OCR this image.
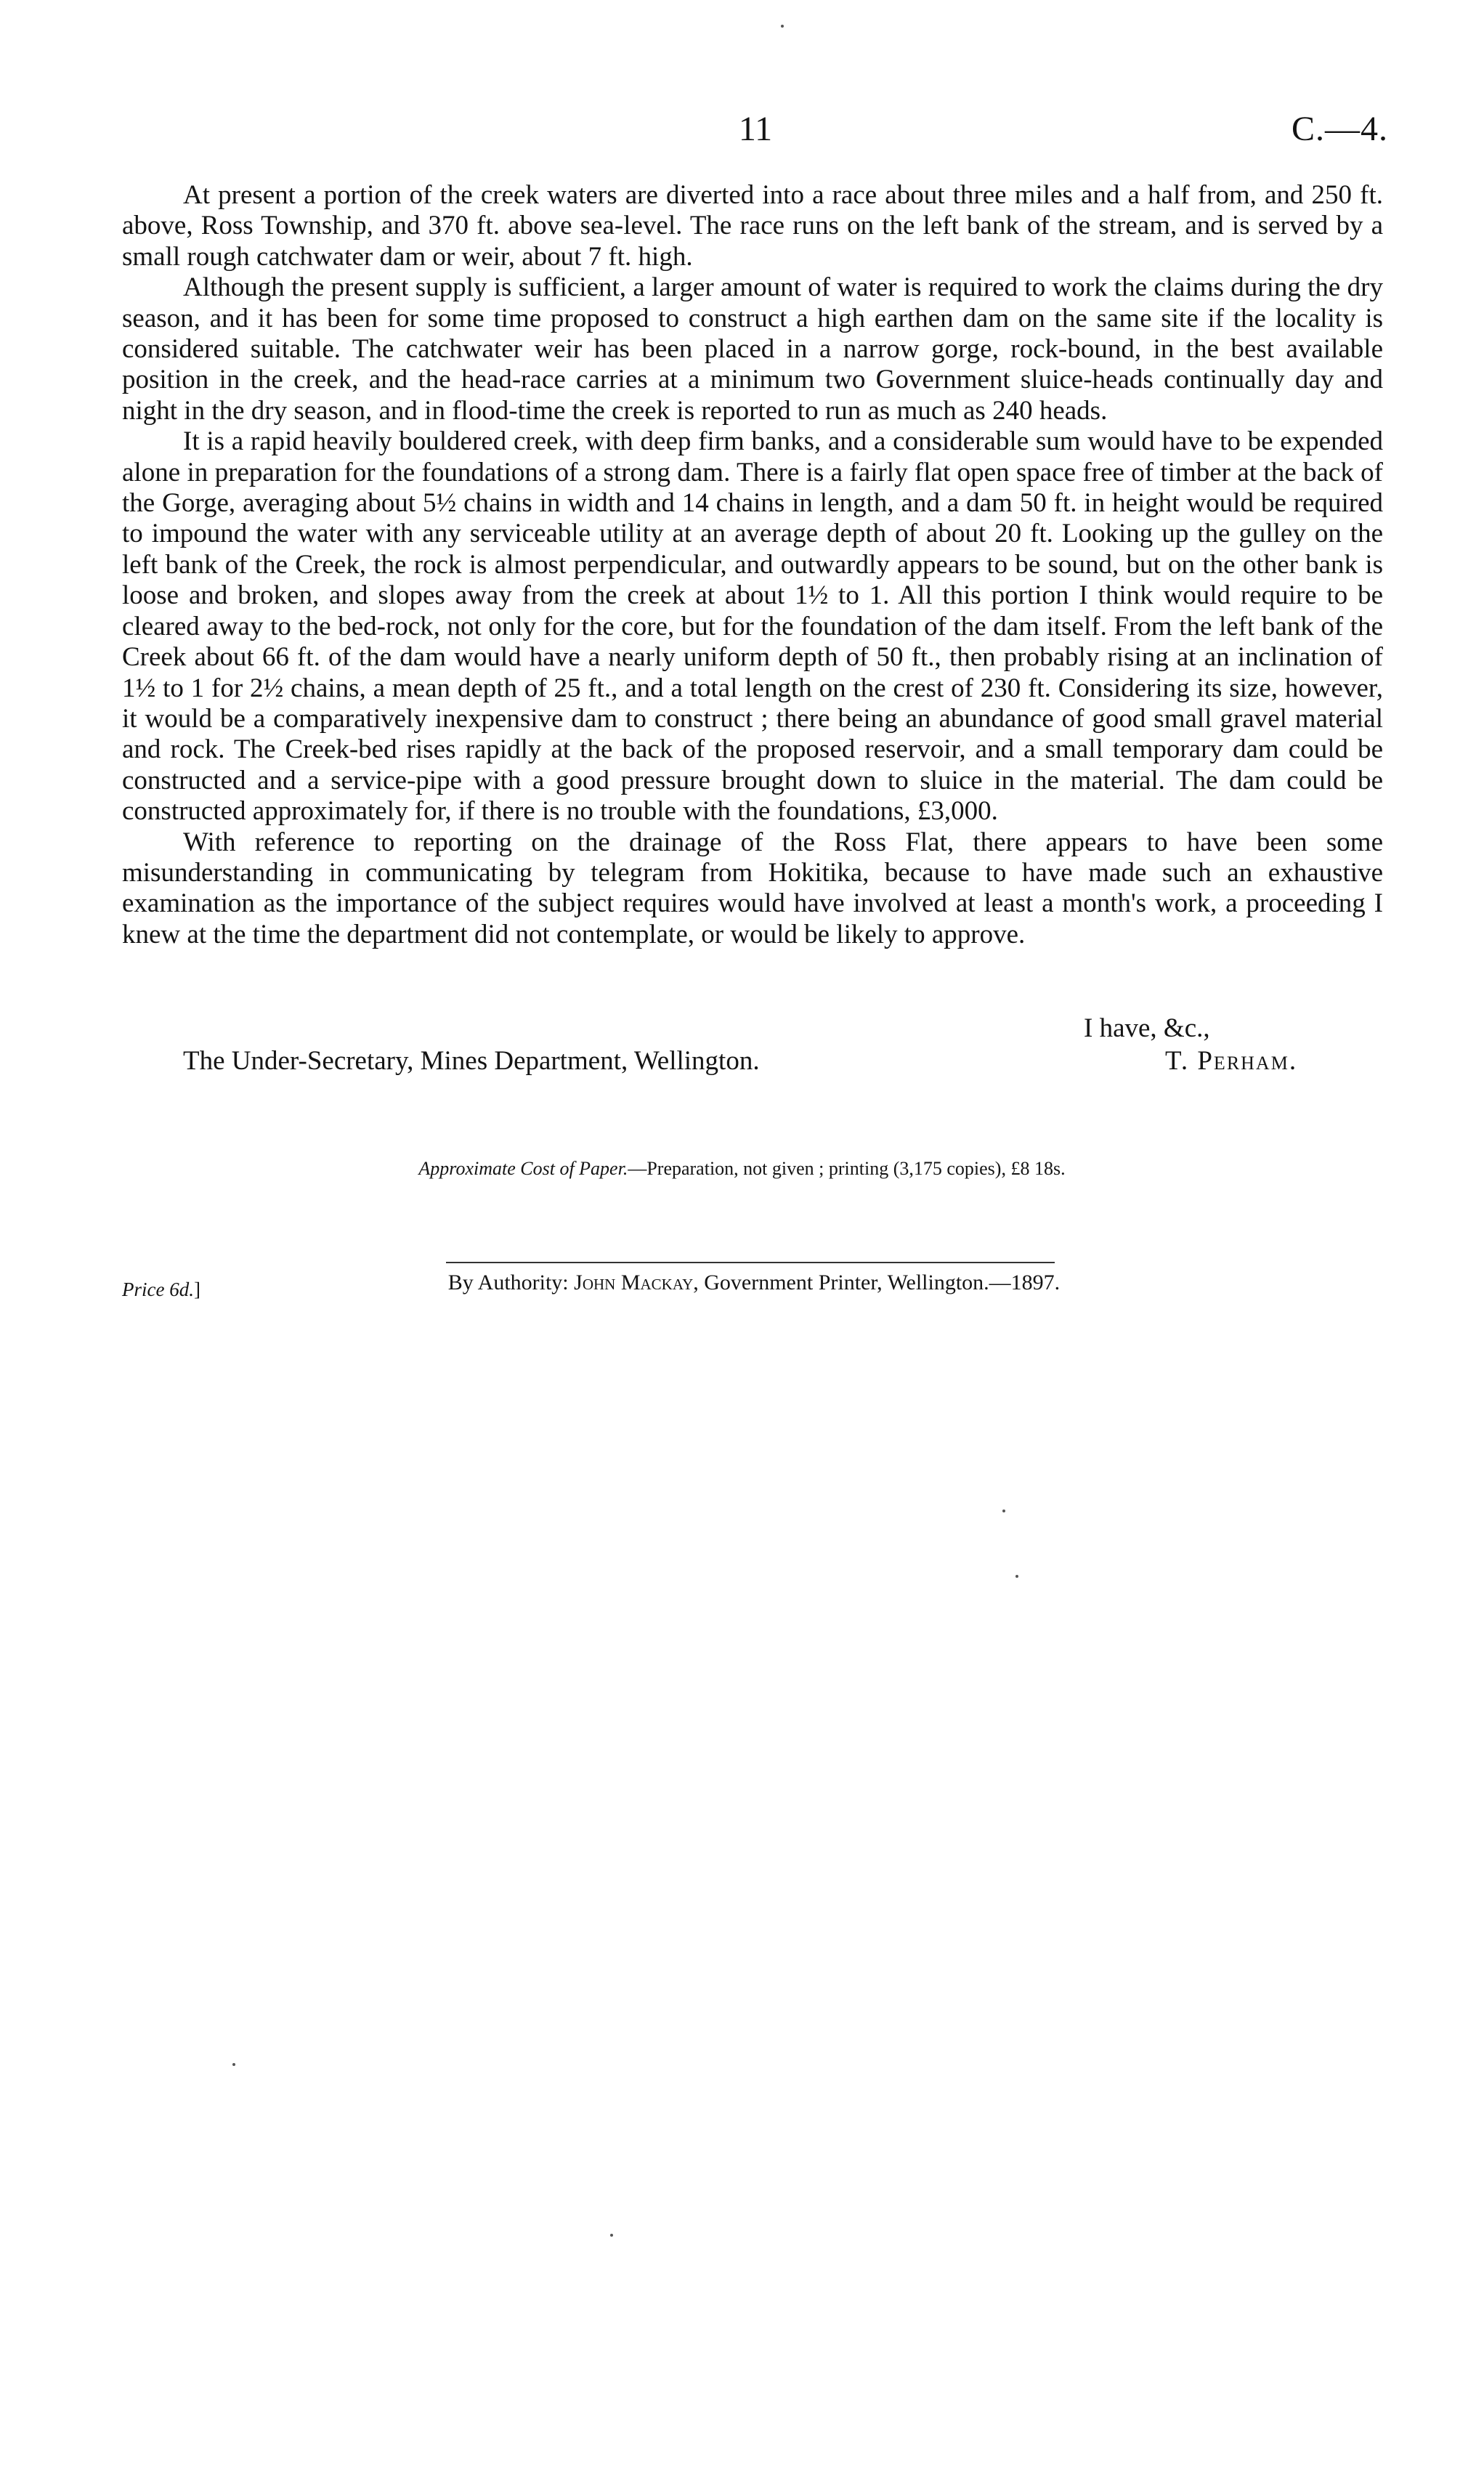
11	C.—4.

At present a portion of the creek waters are diverted into a race about three miles and a half from, and 250 ft. above, Ross Township, and 370 ft. above sea-level. The race runs on the left bank of the stream, and is served by a small rough catchwater dam or weir, about 7 ft. high.

Although the present supply is sufficient, a larger amount of water is required to work the claims during the dry season, and it has been for some time proposed to construct a high earthen dam on the same site if the locality is considered suitable. The catchwater weir has been placed in a narrow gorge, rock-bound, in the best available position in the creek, and the head-race carries at a minimum two Government sluice-heads continually day and night in the dry season, and in flood-time the creek is reported to run as much as 240 heads.

It is a rapid heavily bouldered creek, with deep firm banks, and a considerable sum would have to be expended alone in preparation for the foundations of a strong dam. There is a fairly flat open space free of timber at the back of the Gorge, averaging about 5½ chains in width and 14 chains in length, and a dam 50 ft. in height would be required to impound the water with any serviceable utility at an average depth of about 20 ft. Looking up the gulley on the left bank of the Creek, the rock is almost perpendicular, and outwardly appears to be sound, but on the other bank is loose and broken, and slopes away from the creek at about 1½ to 1. All this portion I think would require to be cleared away to the bed-rock, not only for the core, but for the foundation of the dam itself. From the left bank of the Creek about 66 ft. of the dam would have a nearly uniform depth of 50 ft., then probably rising at an inclination of 1½ to 1 for 2½ chains, a mean depth of 25 ft., and a total length on the crest of 230 ft. Considering its size, however, it would be a comparatively inexpensive dam to construct ; there being an abundance of good small gravel material and rock. The Creek-bed rises rapidly at the back of the proposed reservoir, and a small temporary dam could be constructed and a service-pipe with a good pressure brought down to sluice in the material. The dam could be constructed approximately for, if there is no trouble with the foundations, £3,000.

With reference to reporting on the drainage of the Ross Flat, there appears to have been some misunderstanding in communicating by telegram from Hokitika, because to have made such an exhaustive examination as the importance of the subject requires would have involved at least a month's work, a proceeding I knew at the time the department did not contemplate, or would be likely to approve.

I have, &c.,
The Under-Secretary, Mines Department, Wellington.	T. Perham.
Approximate Cost of Paper.—Preparation, not given ; printing (3,175 copies), £8 18s.
Price 6d.]	By Authority: John Mackay, Government Printer, Wellington.—1897.
